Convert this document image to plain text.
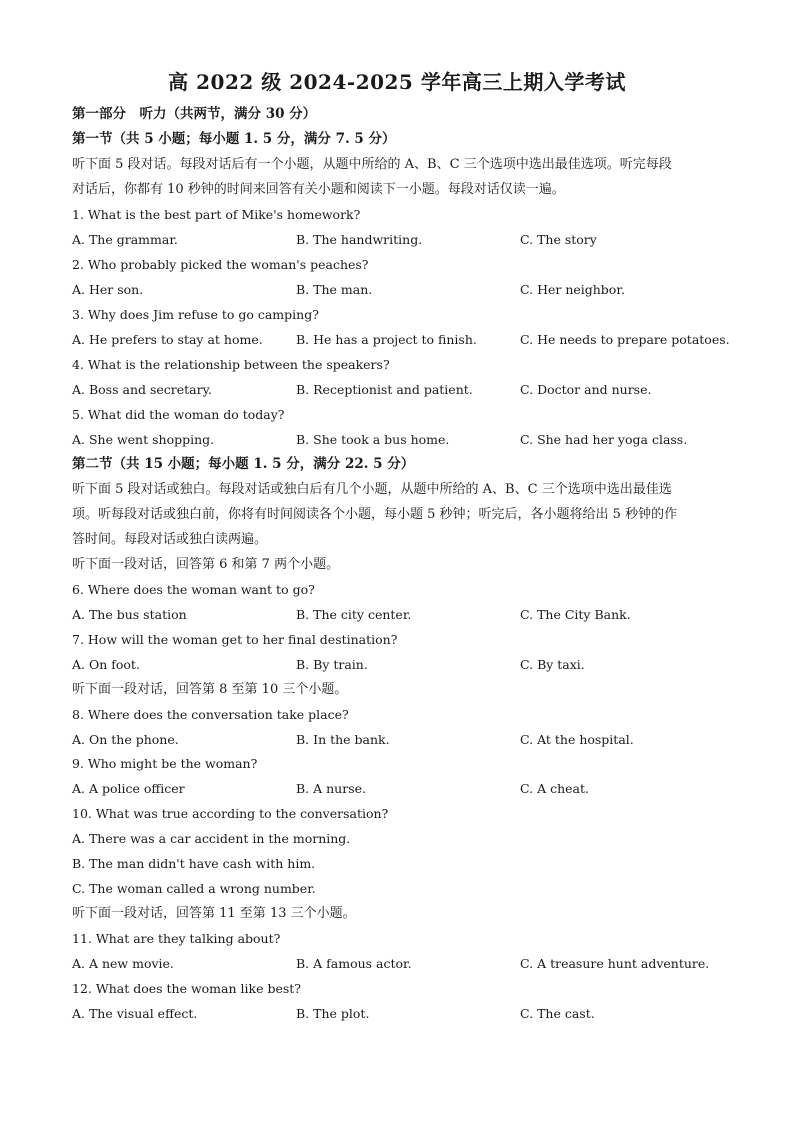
高 2022 级 2024-2025 学年高三上期入学考试
第一部分　听力（共两节，满分 30 分）
第一节（共 5 小题；每小题 1. 5 分，满分 7. 5 分）
听下面 5 段对话。每段对话后有一个小题，从题中所给的 A、B、C 三个选项中选出最佳选项。听完每段
对话后，你都有 10 秒钟的时间来回答有关小题和阅读下一小题。每段对话仅读一遍。
1. What is the best part of Mike's homework?
A. The grammar.	B. The handwriting.	C. The story
2. Who probably picked the woman's peaches?
A. Her son.	B. The man.	C. Her neighbor.
3. Why does Jim refuse to go camping?
A. He prefers to stay at home.	B. He has a project to finish.	C. He needs to prepare potatoes.
4. What is the relationship between the speakers?
A. Boss and secretary.	B. Receptionist and patient.	C. Doctor and nurse.
5. What did the woman do today?
A. She went shopping.	B. She took a bus home.	C. She had her yoga class.
第二节（共 15 小题；每小题 1. 5 分，满分 22. 5 分）
听下面 5 段对话或独白。每段对话或独白后有几个小题，从题中所给的 A、B、C 三个选项中选出最佳选
项。听每段对话或独白前，你将有时间阅读各个小题，每小题 5 秒钟；听完后，各小题将给出 5 秒钟的作
答时间。每段对话或独白读两遍。
听下面一段对话，回答第 6 和第 7 两个小题。
6. Where does the woman want to go?
A. The bus station	B. The city center.	C. The City Bank.
7. How will the woman get to her final destination?
A. On foot.	B. By train.	C. By taxi.
听下面一段对话，回答第 8 至第 10 三个小题。
8. Where does the conversation take place?
A. On the phone.	B. In the bank.	C. At the hospital.
9. Who might be the woman?
A. A police officer	B. A nurse.	C. A cheat.
10. What was true according to the conversation?
A. There was a car accident in the morning.
B. The man didn't have cash with him.
C. The woman called a wrong number.
听下面一段对话，回答第 11 至第 13 三个小题。
11. What are they talking about?
A. A new movie.	B. A famous actor.	C. A treasure hunt adventure.
12. What does the woman like best?
A. The visual effect.	B. The plot.	C. The cast.
